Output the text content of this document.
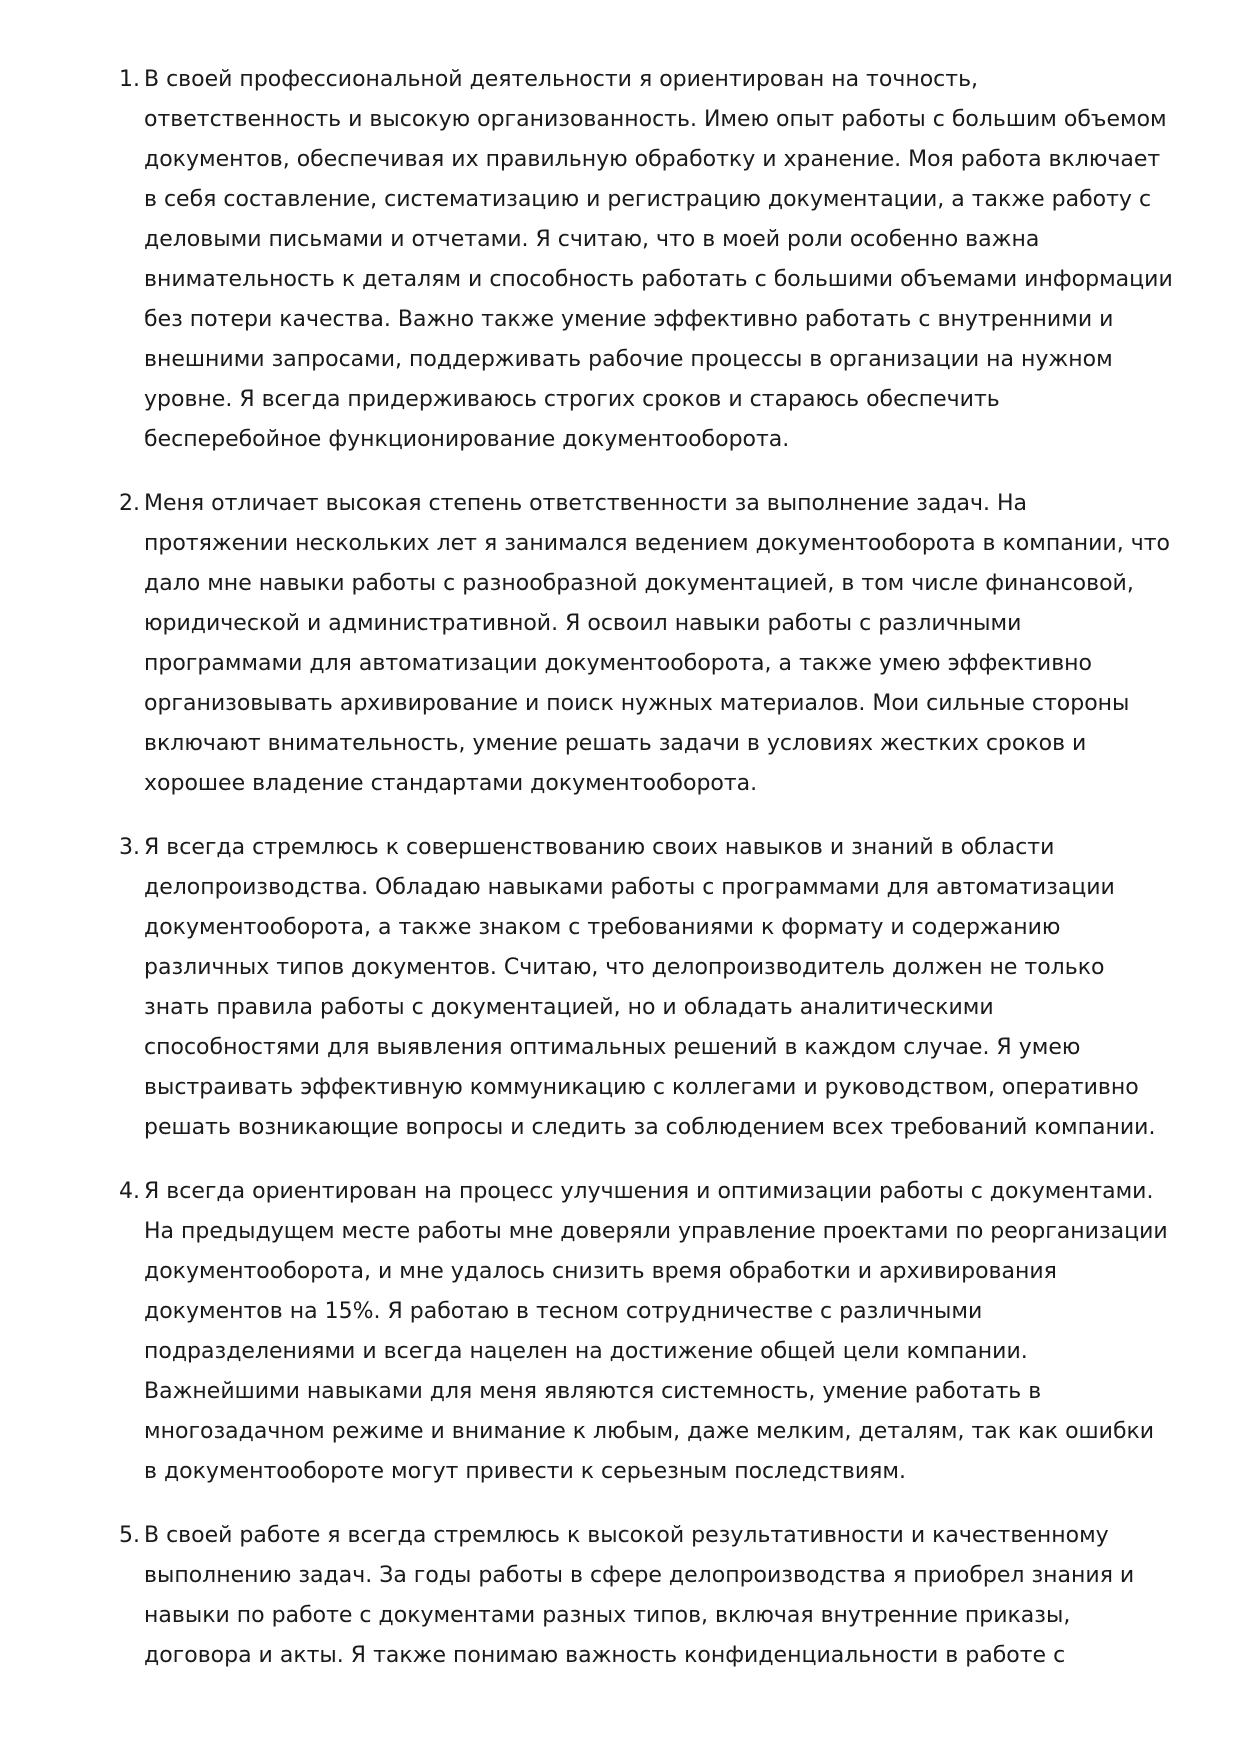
1. В своей профессиональной деятельности я ориентирован на точность, ответственность и высокую организованность. Имею опыт работы с большим объемом документов, обеспечивая их правильную обработку и хранение. Моя работа включает в себя составление, систематизацию и регистрацию документации, а также работу с деловыми письмами и отчетами. Я считаю, что в моей роли особенно важна внимательность к деталям и способность работать с большими объемами информации без потери качества. Важно также умение эффективно работать с внутренними и внешними запросами, поддерживать рабочие процессы в организации на нужном уровне. Я всегда придерживаюсь строгих сроков и стараюсь обеспечить бесперебойное функционирование документооборота.
2. Меня отличает высокая степень ответственности за выполнение задач. На протяжении нескольких лет я занимался ведением документооборота в компании, что дало мне навыки работы с разнообразной документацией, в том числе финансовой, юридической и административной. Я освоил навыки работы с различными программами для автоматизации документооборота, а также умею эффективно организовывать архивирование и поиск нужных материалов. Мои сильные стороны включают внимательность, умение решать задачи в условиях жестких сроков и хорошее владение стандартами документооборота.
3. Я всегда стремлюсь к совершенствованию своих навыков и знаний в области делопроизводства. Обладаю навыками работы с программами для автоматизации документооборота, а также знаком с требованиями к формату и содержанию различных типов документов. Считаю, что делопроизводитель должен не только знать правила работы с документацией, но и обладать аналитическими способностями для выявления оптимальных решений в каждом случае. Я умею выстраивать эффективную коммуникацию с коллегами и руководством, оперативно решать возникающие вопросы и следить за соблюдением всех требований компании.
4. Я всегда ориентирован на процесс улучшения и оптимизации работы с документами. На предыдущем месте работы мне доверяли управление проектами по реорганизации документооборота, и мне удалось снизить время обработки и архивирования документов на 15%. Я работаю в тесном сотрудничестве с различными подразделениями и всегда нацелен на достижение общей цели компании. Важнейшими навыками для меня являются системность, умение работать в многозадачном режиме и внимание к любым, даже мелким, деталям, так как ошибки в документообороте могут привести к серьезным последствиям.
5. В своей работе я всегда стремлюсь к высокой результативности и качественному выполнению задач. За годы работы в сфере делопроизводства я приобрел знания и навыки по работе с документами разных типов, включая внутренние приказы, договора и акты. Я также понимаю важность конфиденциальности в работе с
